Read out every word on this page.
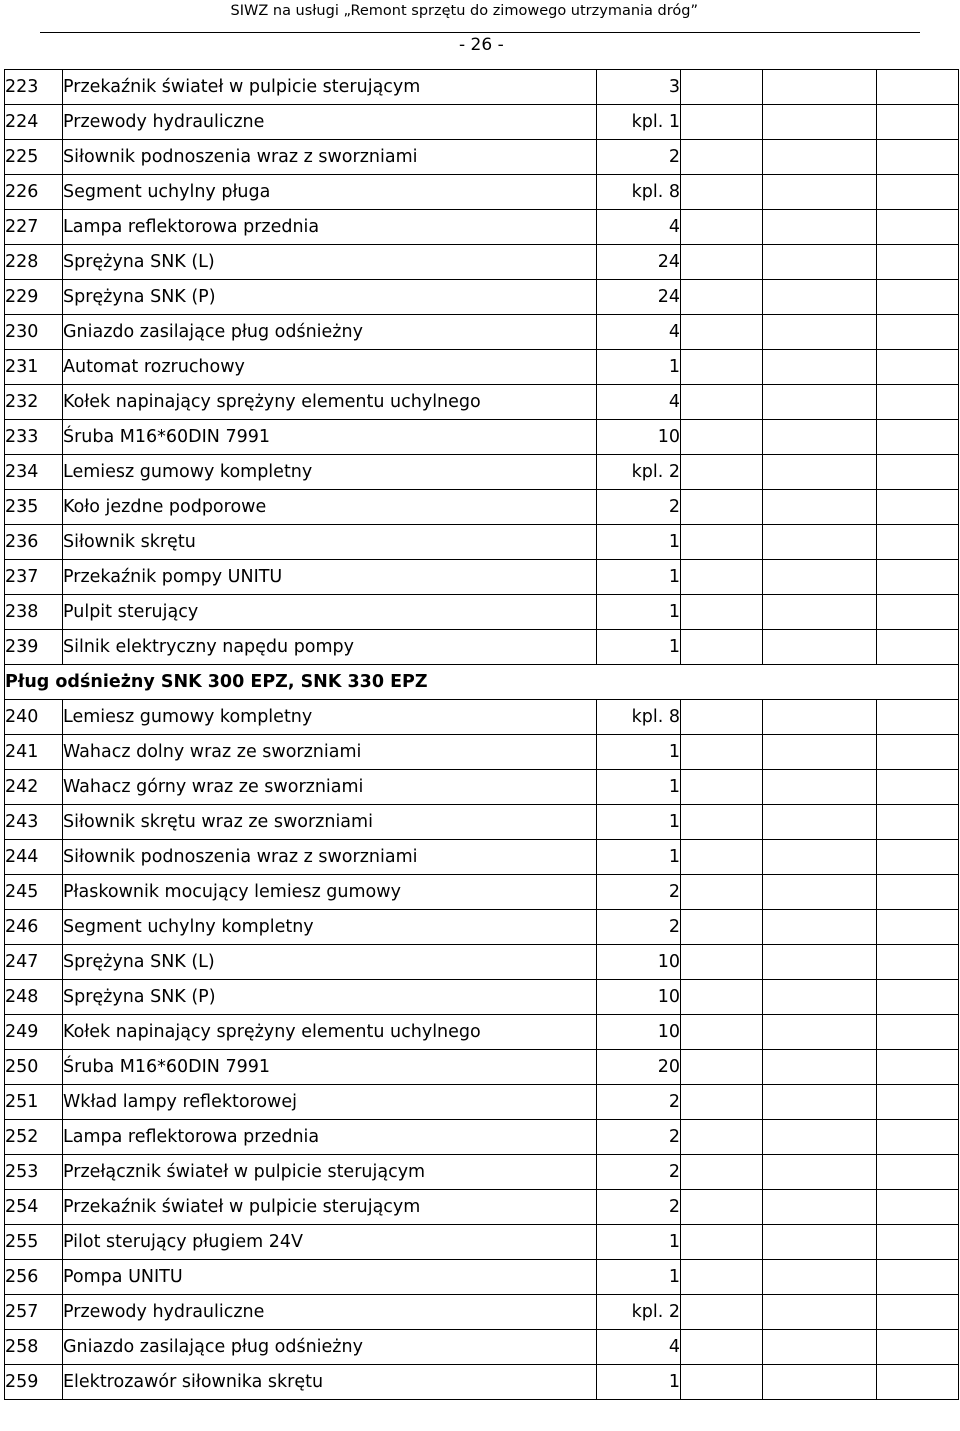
SIWZ na usługi „Remont sprzętu do zimowego utrzymania dróg”
- 26 -
223	Przekaźnik świateł w pulpicie sterującym	3			
224	Przewody hydrauliczne	kpl. 1			
225	Siłownik podnoszenia wraz z sworzniami	2			
226	Segment uchylny pługa	kpl. 8			
227	Lampa reflektorowa przednia	4			
228	Sprężyna SNK (L)	24			
229	Sprężyna SNK (P)	24			
230	Gniazdo zasilające pług odśnieżny	4			
231	Automat rozruchowy	1			
232	Kołek napinający sprężyny elementu uchylnego	4			
233	Śruba M16*60DIN 7991	10			
234	Lemiesz gumowy kompletny	kpl. 2			
235	Koło jezdne podporowe	2			
236	Siłownik skrętu	1			
237	Przekaźnik pompy UNITU	1			
238	Pulpit sterujący	1			
239	Silnik elektryczny napędu pompy	1			
Pług odśnieżny SNK 300 EPZ, SNK 330 EPZ					
240	Lemiesz gumowy kompletny	kpl. 8			
241	Wahacz dolny wraz ze sworzniami	1			
242	Wahacz górny wraz ze sworzniami	1			
243	Siłownik skrętu wraz ze sworzniami	1			
244	Siłownik podnoszenia wraz z sworzniami	1			
245	Płaskownik mocujący lemiesz gumowy	2			
246	Segment uchylny kompletny	2			
247	Sprężyna SNK (L)	10			
248	Sprężyna SNK (P)	10			
249	Kołek napinający sprężyny elementu uchylnego	10			
250	Śruba M16*60DIN 7991	20			
251	Wkład lampy reflektorowej	2			
252	Lampa reflektorowa przednia	2			
253	Przełącznik świateł w pulpicie sterującym	2			
254	Przekaźnik świateł w pulpicie sterującym	2			
255	Pilot sterujący pługiem 24V	1			
256	Pompa UNITU	1			
257	Przewody hydrauliczne	kpl. 2			
258	Gniazdo zasilające pług odśnieżny	4			
259	Elektrozawór siłownika skrętu	1			
